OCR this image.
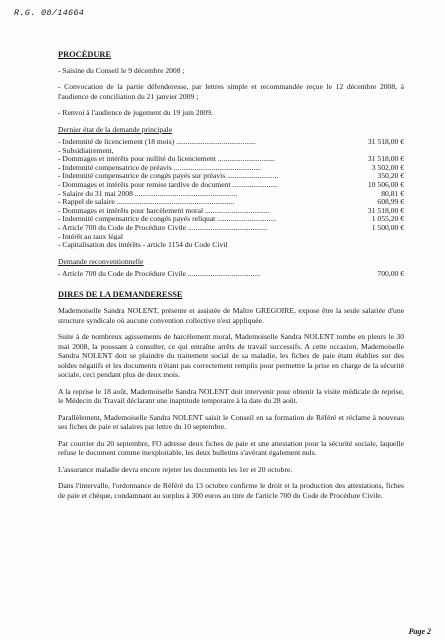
R.G. 08/14664
PROCÉDURE
- Saisine du Conseil le 9 décembre 2008 ;
- Convocation de la partie défenderesse, par lettres simple et recommandée reçue le 12 décembre 2008, à l'audience de conciliation du 21 janvier 2009 ;
- Renvoi à l'audience de jugement du 19 juin 2009.
Dernier état de la demande principale
- Indemnité de licenciement (18 mois) ..........................................	31 518,00 €
- Subsidiairement,
- Dommages et intérêts pour nullité du licenciement ..............................	31 518,00 €
- Indemnité compensatrice de préavis ..............................................	3 502,00 €
- Indemnité compensatrice de congés payés sur préavis ...........................	350,20 €
- Dommages et intérêts pour remise tardive de document ........................	10 506,00 €
- Salaire du 31 mai 2008 ......................................................	80,81 €
- Rappel de salaire ..............................................................	608,99 €
- Dommages et intérêts pour harcèlement moral ..................................	31 518,00 €
- Indemnité compensatrice de congés payés reliquat ...............................	1 055,20 €
- Article 700 du Code de Procédure Civile ..........................................	1 500,00 €
- Intérêt au taux légal
- Capitalisation des intérêts - article 1154 du Code Civil
Demande reconventionnelle
- Article 700 du Code de Procédure Civile ......................................	700,00 €
DIRES DE LA DEMANDERESSE
Mademoiselle Sandra NOLENT, présente et assistée de Maître GREGOIRE, expose être la seule salariée d'une structure syndicale où aucune convention collective n'est appliquée.
Suite à de nombreux agissements de harcèlement moral, Mademoiselle Sandra NOLENT tombe en pleurs le 30 mai 2008, la poussant à consulter, ce qui entraîne arrêts de travail successifs. A cette occasion, Mademoiselle Sandra NOLENT doit se plaindre du traitement social de sa maladie, les fiches de paie étant établies sur des soldes négatifs et les documents n'étant pas correctement remplis pour permettre la prise en charge de la sécurité sociale, ceci pendant plus de deux mois.
A la reprise le 18 août, Mademoiselle Sandra NOLENT doit intervenir pour obtenir la visite médicale de reprise, le Médecin du Travail déclarant une inaptitude temporaire à la date du 28 août.
Parallèlement, Mademoiselle Sandra NOLENT saisit le Conseil en sa formation de Référé et réclame à nouveau ses fiches de paie et salaires par lettre du 10 septembre.
Par courrier du 20 septembre, FO adresse deux fiches de paie et une attestation pour la sécurité sociale, laquelle refuse le document comme inexploitable, les deux bulletins s'avérant également nuls.
L'assurance maladie devra encore rejeter les documents les 1er et 20 octobre.
Dans l'intervalle, l'ordonnance de Référé du 13 octobre confirme le droit et la production des attestations, fiches de paie et chèque, condamnant au surplus à 300 euros au titre de l'article 700 du Code de Procédure Civile.
Page 2
